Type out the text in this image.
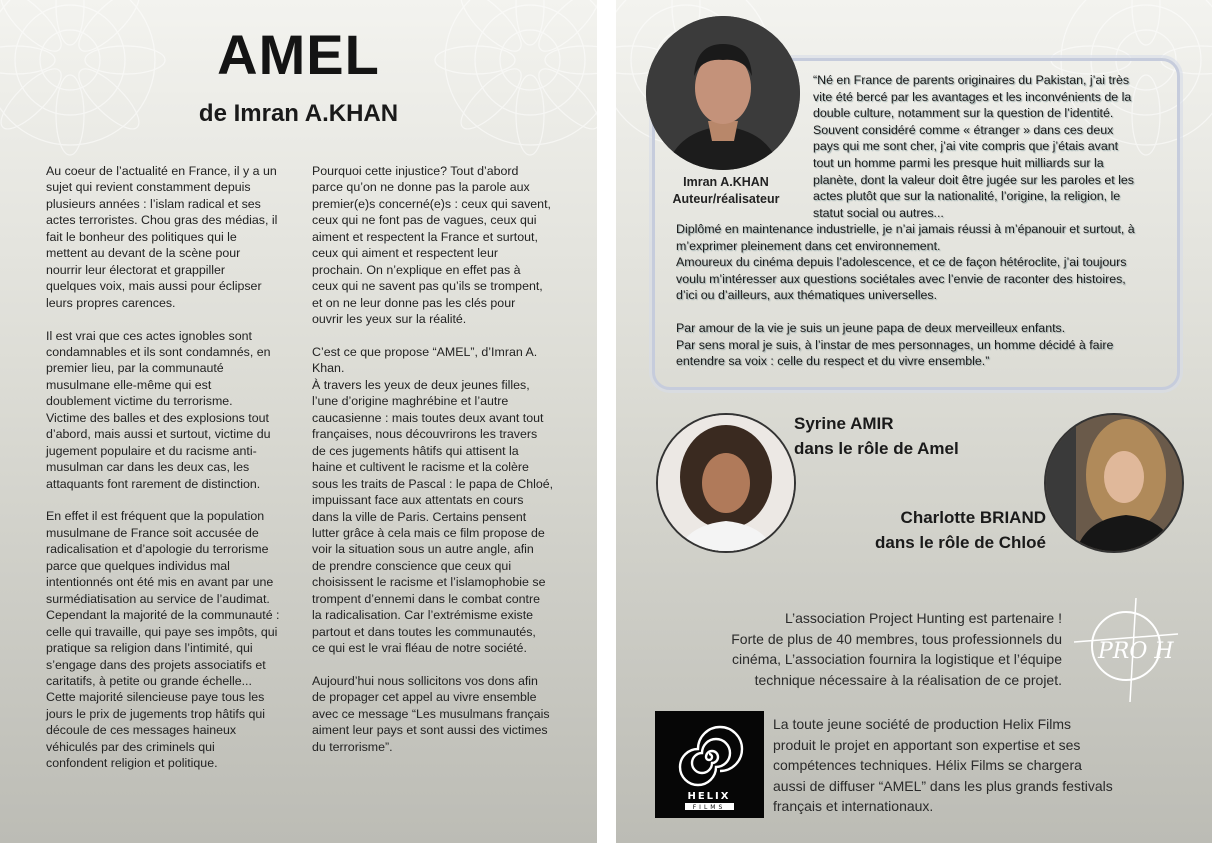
AMEL
de Imran A.KHAN

Au coeur de l’actualité en France, il y a un
sujet qui revient constamment depuis
plusieurs années : l’islam radical et ses
actes terroristes. Chou gras des médias, il
fait le bonheur des politiques qui le
mettent au devant de la scène pour
nourrir leur électorat et grappiller
quelques voix, mais aussi pour éclipser
leurs propres carences.

Il est vrai que ces actes ignobles sont
condamnables et ils sont condamnés, en
premier lieu, par la communauté
musulmane elle-même qui est
doublement victime du terrorisme.
Victime des balles et des explosions tout
d’abord, mais aussi et surtout, victime du
jugement populaire et du racisme anti-
musulman car dans les deux cas, les
attaquants font rarement de distinction.

En effet il est fréquent que la population
musulmane de France soit accusée de
radicalisation et d’apologie du terrorisme
parce que quelques individus mal
intentionnés ont été mis en avant par une
surmédiatisation au service de l’audimat.
Cependant la majorité de la communauté :
celle qui travaille, qui paye ses impôts, qui
pratique sa religion dans l’intimité, qui
s’engage dans des projets associatifs et
caritatifs, à petite ou grande échelle...
Cette majorité silencieuse paye tous les
jours le prix de jugements trop hâtifs qui
découle de ces messages haineux
véhiculés par des criminels qui
confondent religion et politique.

Pourquoi cette injustice? Tout d’abord
parce qu’on ne donne pas la parole aux
premier(e)s concerné(e)s : ceux qui savent,
ceux qui ne font pas de vagues, ceux qui
aiment et respectent la France et surtout,
ceux qui aiment et respectent leur
prochain. On n’explique en effet pas à
ceux qui ne savent pas qu’ils se trompent,
et on ne leur donne pas les clés pour
ouvrir les yeux sur la réalité.

C’est ce que propose “AMEL”, d’Imran A.
Khan.
À travers les yeux de deux jeunes filles,
l’une d’origine maghrébine et l’autre
caucasienne : mais toutes deux avant tout
françaises, nous découvrirons les travers
de ces jugements hâtifs qui attisent la
haine et cultivent le racisme et la colère
sous les traits de Pascal : le papa de Chloé,
impuissant face aux attentats en cours
dans la ville de Paris. Certains pensent
lutter grâce à cela mais ce film propose de
voir la situation sous un autre angle, afin
de prendre conscience que ceux qui
choisissent le racisme et l’islamophobie se
trompent d’ennemi dans le combat contre
la radicalisation. Car l’extrémisme existe
partout et dans toutes les communautés,
ce qui est le vrai fléau de notre société.

Aujourd’hui nous sollicitons vos dons afin
de propager cet appel au vivre ensemble
avec ce message “Les musulmans français
aiment leur pays et sont aussi des victimes
du terrorisme”.

Imran A.KHAN
Auteur/réalisateur
“Né en France de parents originaires du Pakistan, j’ai très
vite été bercé par les avantages et les inconvénients de la
double culture, notamment sur la question de l’identité.
Souvent considéré comme « étranger » dans ces deux
pays qui me sont cher, j’ai vite compris que j’étais avant
tout un homme parmi les presque huit milliards sur la
planète, dont la valeur doit être jugée sur les paroles et les
actes plutôt que sur la nationalité, l’origine, la religion, le
statut social ou autres...

Diplômé en maintenance industrielle, je n’ai jamais réussi à m’épanouir et surtout, à
m’exprimer pleinement dans cet environnement.
Amoureux du cinéma depuis l’adolescence, et ce de façon hétéroclite, j’ai toujours
voulu m’intéresser aux questions sociétales avec l’envie de raconter des histoires,
d’ici ou d’ailleurs, aux thématiques universelles.

Par amour de la vie je suis un jeune papa de deux merveilleux enfants.
Par sens moral je suis, à l’instar de mes personnages, un homme décidé à faire
entendre sa voix : celle du respect et du vivre ensemble.”

Syrine AMIR
dans le rôle de Amel
Charlotte BRIAND
dans le rôle de Chloé
L’association Project Hunting est partenaire !
Forte de plus de 40 membres, tous professionnels du
cinéma, L’association fournira la logistique et l’équipe
technique nécessaire à la réalisation de ce projet.
PRO H
HELIX
FILMS
La toute jeune société de production Helix Films
produit le projet en apportant son expertise et ses
compétences techniques. Hélix Films se chargera
aussi de diffuser “AMEL” dans les plus grands festivals
français et internationaux.
